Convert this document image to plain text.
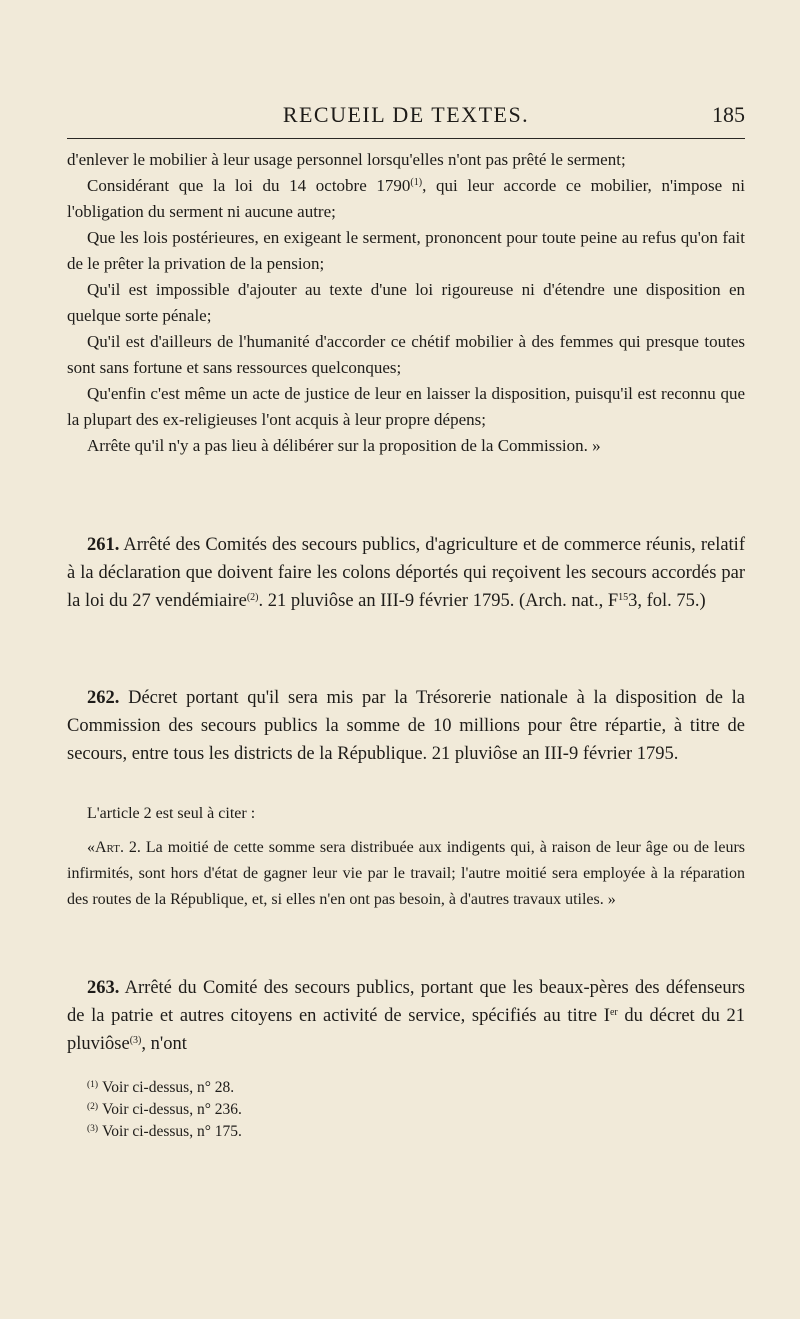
RECUEIL DE TEXTES.	185

d'enlever le mobilier à leur usage personnel lorsqu'elles n'ont pas prêté le serment;

Considérant que la loi du 14 octobre 1790$^{(1)}$, qui leur accorde ce mobilier, n'impose ni l'obligation du serment ni aucune autre;

Que les lois postérieures, en exigeant le serment, prononcent pour toute peine au refus qu'on fait de le prêter la privation de la pension;

Qu'il est impossible d'ajouter au texte d'une loi rigoureuse ni d'étendre une disposition en quelque sorte pénale;

Qu'il est d'ailleurs de l'humanité d'accorder ce chétif mobilier à des femmes qui presque toutes sont sans fortune et sans ressources quelconques;

Qu'enfin c'est même un acte de justice de leur en laisser la disposition, puisqu'il est reconnu que la plupart des ex-religieuses l'ont acquis à leur propre dépens;

Arrête qu'il n'y a pas lieu à délibérer sur la proposition de la Commission. »

261. Arrêté des Comités des secours publics, d'agriculture et de commerce réunis, relatif à la déclaration que doivent faire les colons déportés qui reçoivent les secours accordés par la loi du 27 vendémiaire$^{(2)}$. 21 pluviôse an III-9 février 1795. (Arch. nat., $F^{15}3$, fol. 75.)

262. Décret portant qu'il sera mis par la Trésorerie nationale à la disposition de la Commission des secours publics la somme de 10 millions pour être répartie, à titre de secours, entre tous les districts de la République. 21 pluviôse an III-9 février 1795.

L'article 2 est seul à citer :

«Art. 2. La moitié de cette somme sera distribuée aux indigents qui, à raison de leur âge ou de leurs infirmités, sont hors d'état de gagner leur vie par le travail; l'autre moitié sera employée à la réparation des routes de la République, et, si elles n'en ont pas besoin, à d'autres travaux utiles. »

263. Arrêté du Comité des secours publics, portant que les beaux-pères des défenseurs de la patrie et autres citoyens en activité de service, spécifiés au titre Ier du décret du 21 pluviôse$^{(3)}$, n'ont

$^{(1)}$ Voir ci-dessus, n° 28.
$^{(2)}$ Voir ci-dessus, n° 236.
$^{(3)}$ Voir ci-dessus, n° 175.
